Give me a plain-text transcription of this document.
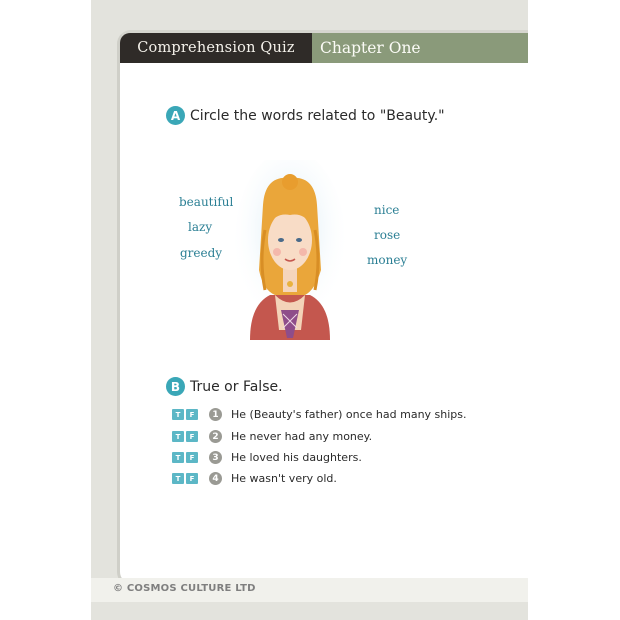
Comprehension Quiz	Chapter One
A Circle the words related to "Beauty."
beautiful
lazy
greedy
nice
rose
money
B True or False.
T	F	1	He (Beauty's father) once had many ships.
T	F	2	He never had any money.
T	F	3	He loved his daughters.
T	F	4	He wasn't very old.
© COSMOS CULTURE LTD
